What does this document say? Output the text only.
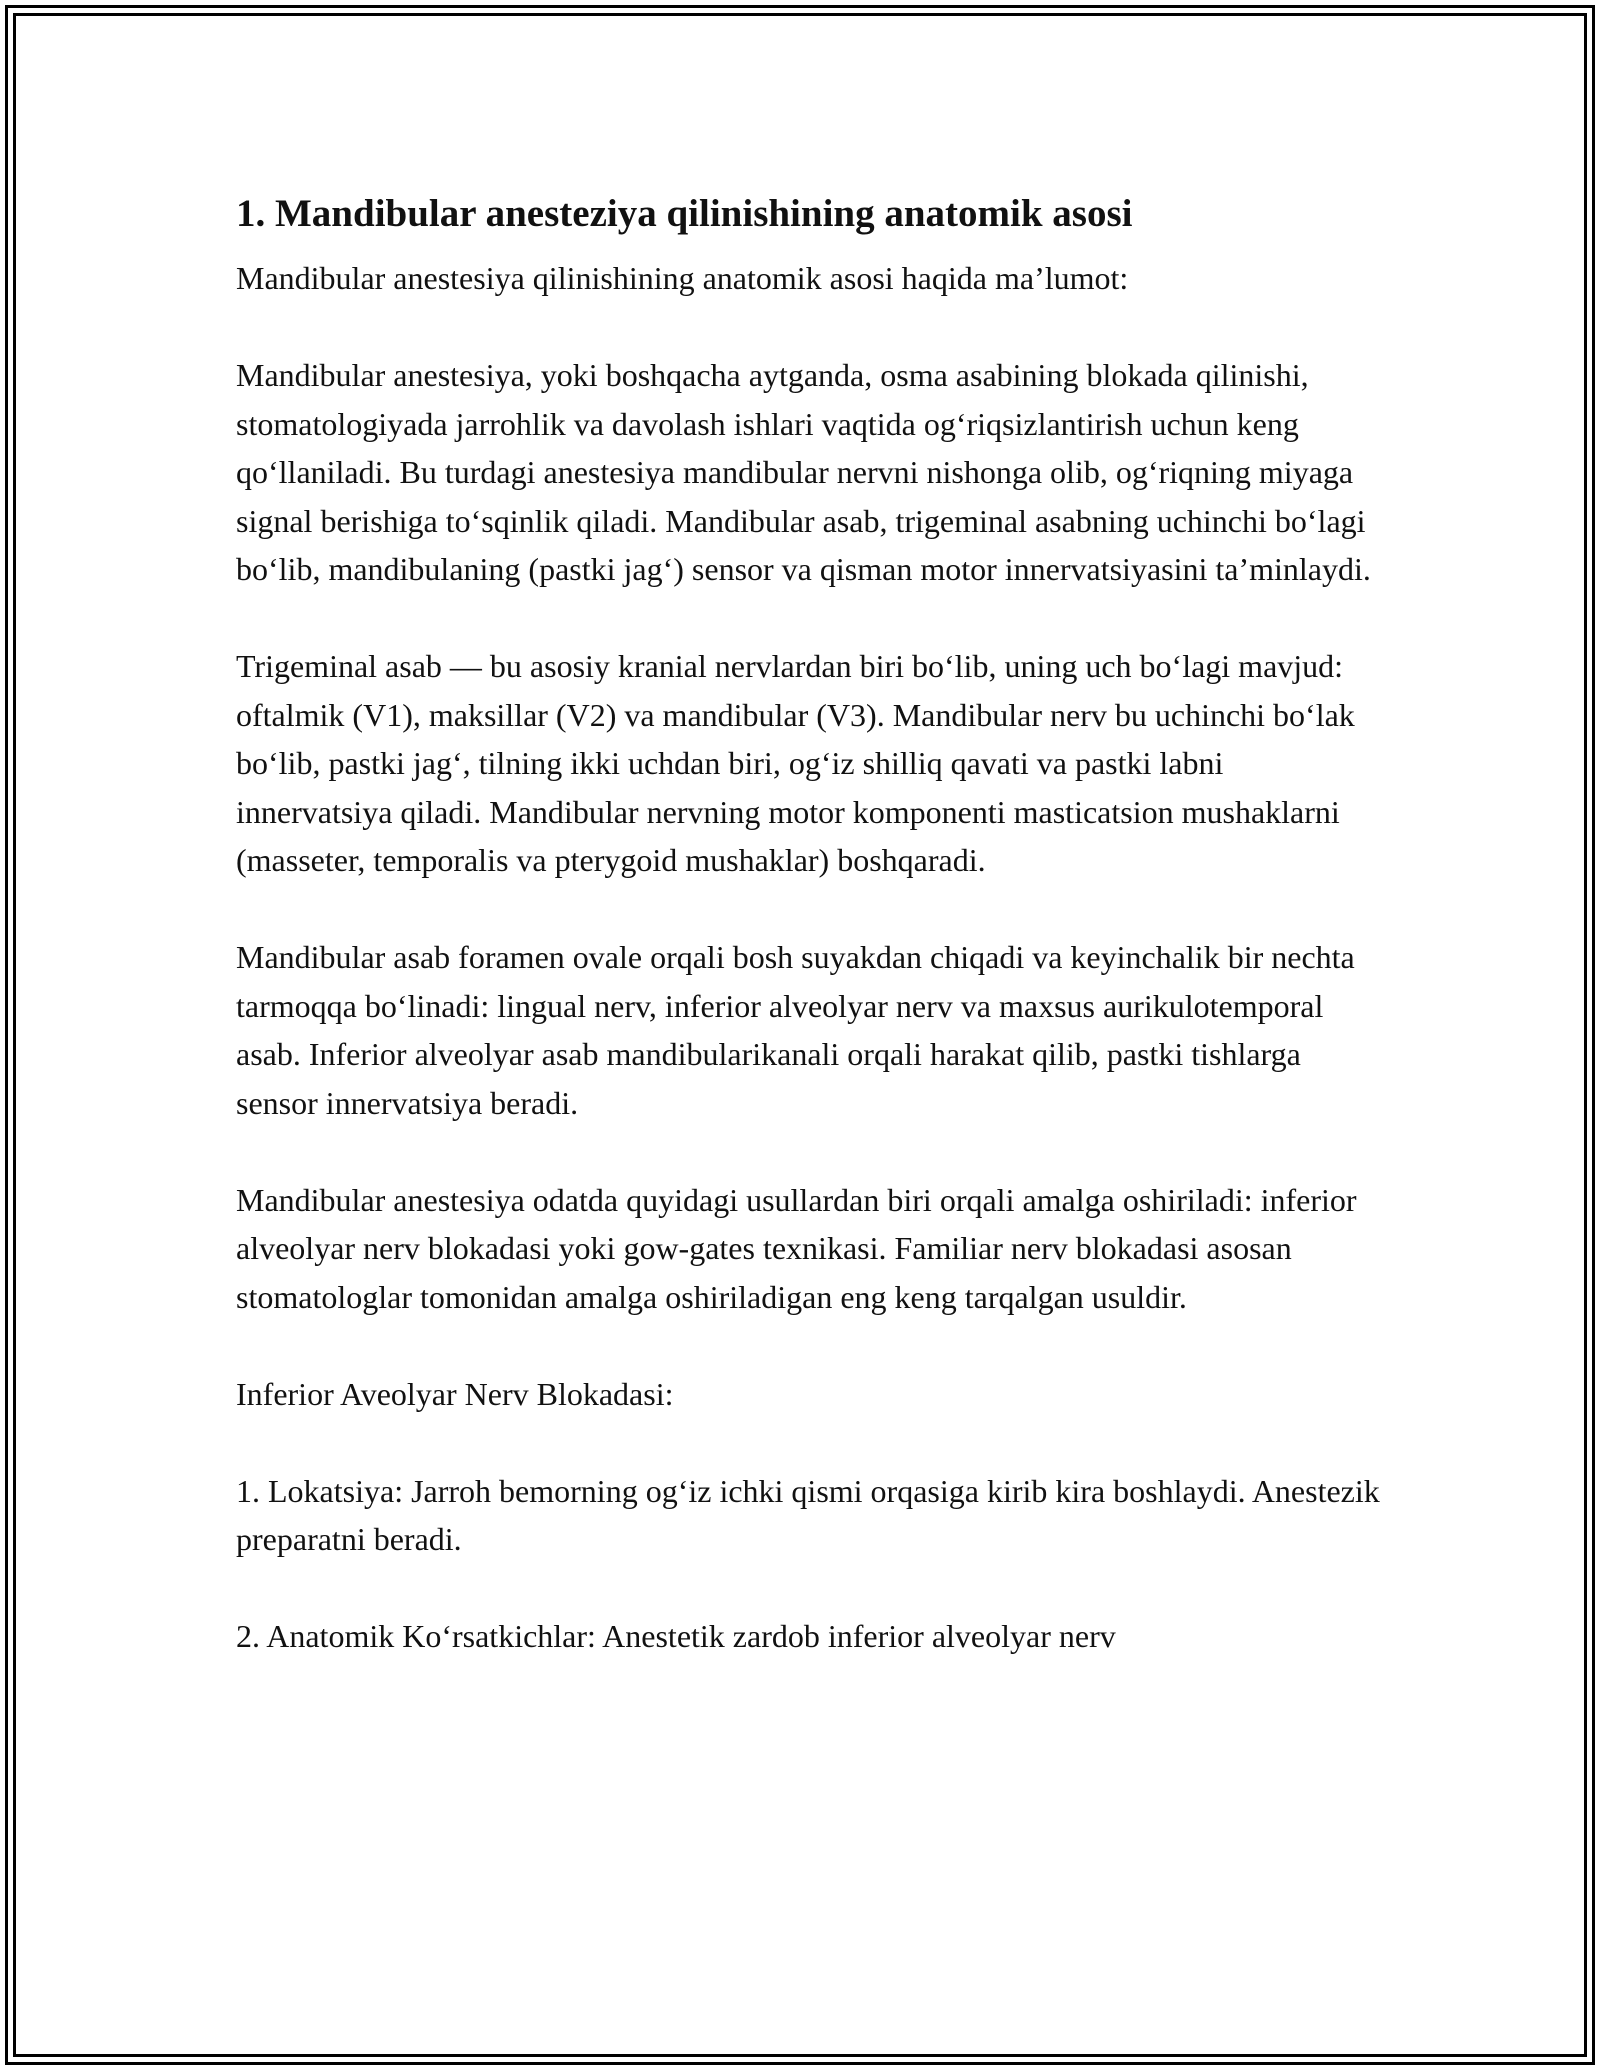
1. Mandibular anesteziya qilinishining anatomik asosi

Mandibular anestesiya qilinishining anatomik asosi haqida ma’lumot:

Mandibular anestesiya, yoki boshqacha aytganda, osma asabining blokada qilinishi, stomatologiyada jarrohlik va davolash ishlari vaqtida og‘riqsizlantirish uchun keng qo‘llaniladi. Bu turdagi anestesiya mandibular nervni nishonga olib, og‘riqning miyaga signal berishiga to‘sqinlik qiladi. Mandibular asab, trigeminal asabning uchinchi bo‘lagi bo‘lib, mandibulaning (pastki jag‘) sensor va qisman motor innervatsiyasini ta’minlaydi.

Trigeminal asab — bu asosiy kranial nervlardan biri bo‘lib, uning uch bo‘lagi mavjud: oftalmik (V1), maksillar (V2) va mandibular (V3). Mandibular nerv bu uchinchi bo‘lak bo‘lib, pastki jag‘, tilning ikki uchdan biri, og‘iz shilliq qavati va pastki labni innervatsiya qiladi. Mandibular nervning motor komponenti masticatsion mushaklarni (masseter, temporalis va pterygoid mushaklar) boshqaradi.

Mandibular asab foramen ovale orqali bosh suyakdan chiqadi va keyinchalik bir nechta tarmoqqa bo‘linadi: lingual nerv, inferior alveolyar nerv va maxsus aurikulotemporal asab. Inferior alveolyar asab mandibularikanali orqali harakat qilib, pastki tishlarga sensor innervatsiya beradi.

Mandibular anestesiya odatda quyidagi usullardan biri orqali amalga oshiriladi: inferior alveolyar nerv blokadasi yoki gow-gates texnikasi. Familiar nerv blokadasi asosan stomatologlar tomonidan amalga oshiriladigan eng keng tarqalgan usuldir.

Inferior Aveolyar Nerv Blokadasi:

1. Lokatsiya: Jarroh bemorning og‘iz ichki qismi orqasiga kirib kira boshlaydi. Anestezik preparatni beradi.

2. Anatomik Ko‘rsatkichlar: Anestetik zardob inferior alveolyar nerv
